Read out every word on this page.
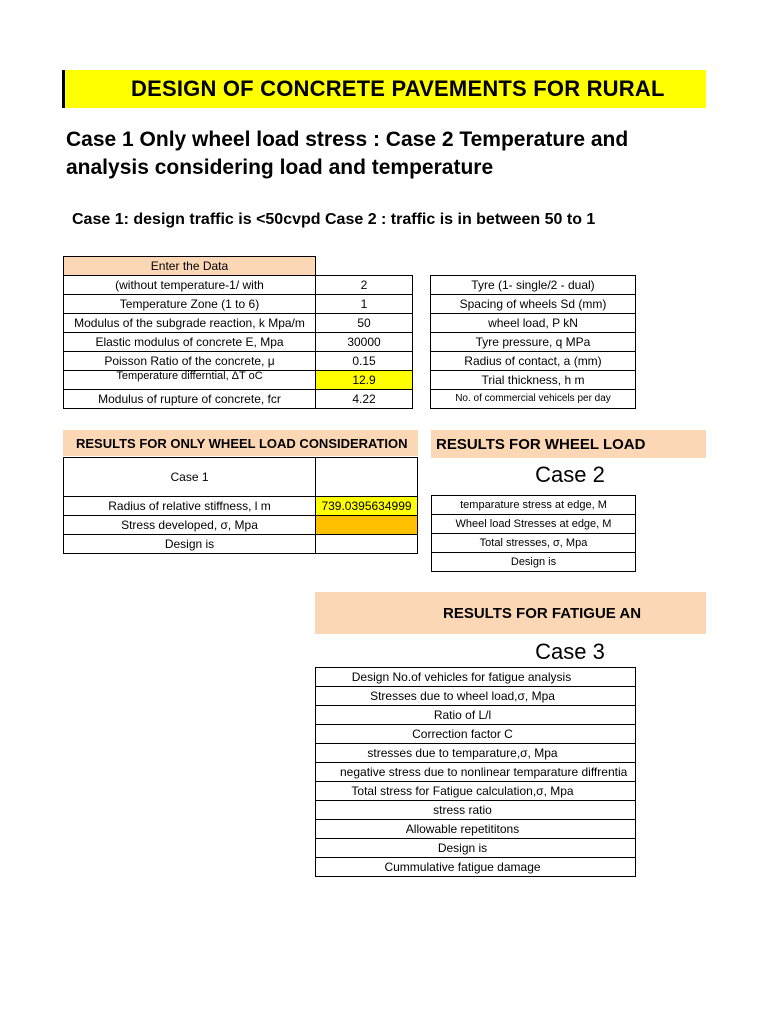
DESIGN OF CONCRETE PAVEMENTS FOR RURAL
Case 1 Only wheel load stress : Case 2 Temperature and
analysis considering load and temperature
Case 1: design traffic is <50cvpd Case 2 : traffic is in between 50 to 1
Enter the Data	
(without temperature-1/ with	2
Temperature Zone (1 to 6)	1
Modulus of the subgrade reaction, k Mpa/m	50
Elastic modulus of concrete E, Mpa	30000
Poisson Ratio of the concrete, μ	0.15
Temperature differntial, ΔT oC	12.9
Modulus of rupture of concrete, fcr	4.22
Tyre (1- single/2 - dual)
Spacing of wheels Sd (mm)
wheel load, P kN
Tyre pressure, q MPa
Radius of contact, a (mm)
Trial thickness, h m
No. of commercial vehicels per day
RESULTS FOR ONLY WHEEL LOAD CONSIDERATION
Case 1	
Radius of relative stiffness, l m	739.0395634999
Stress developed, σ, Mpa	
Design is	
RESULTS FOR WHEEL LOAD
Case 2
temparature stress at edge, M
Wheel load Stresses at edge, M
Total stresses, σ, Mpa
Design is
RESULTS FOR FATIGUE AN
Case 3
Design No.of vehicles for fatigue analysis
Stresses due to wheel load,σ, Mpa
Ratio of L/l
Correction factor C
stresses due to temparature,σ, Mpa
negative stress due to nonlinear temparature diffrentia
Total stress for Fatigue calculation,σ, Mpa
stress ratio
Allowable repetititons
Design is
Cummulative fatigue damage
